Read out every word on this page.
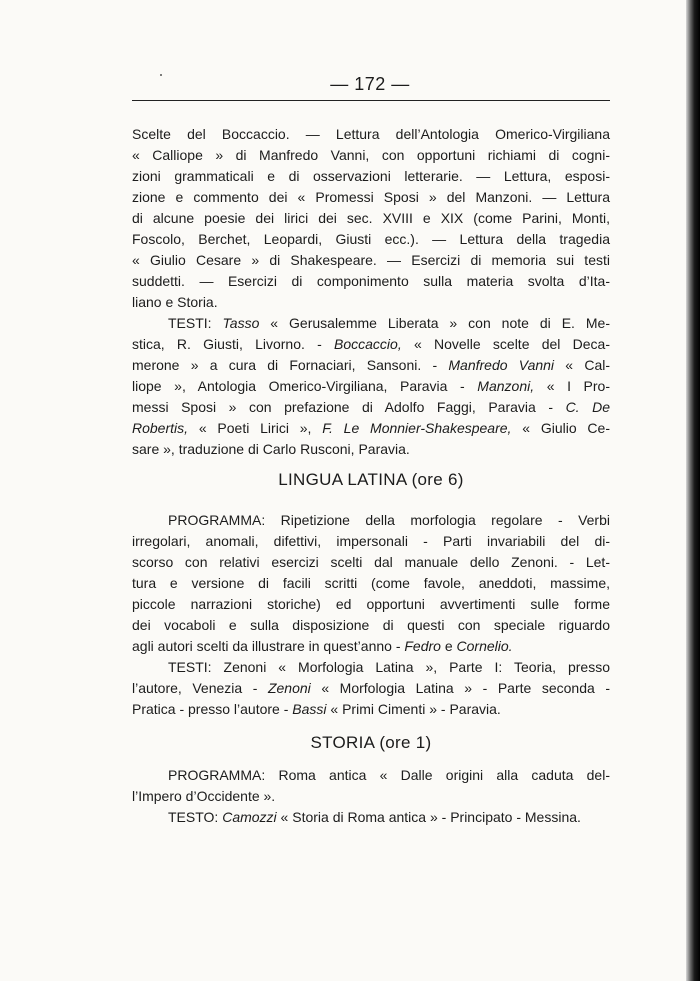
— 172 —
Scelte del Boccaccio. — Lettura dell’Antologia Omerico-Virgiliana
« Calliope » di Manfredo Vanni, con opportuni richiami di cogni-
zioni grammaticali e di osservazioni letterarie. — Lettura, esposi-
zione e commento dei « Promessi Sposi » del Manzoni. — Lettura
di alcune poesie dei lirici dei sec. XVIII e XIX (come Parini, Monti,
Foscolo, Berchet, Leopardi, Giusti ecc.). — Lettura della tragedia
« Giulio Cesare » di Shakespeare. — Esercizi di memoria sui testi
suddetti. — Esercizi di componimento sulla materia svolta d’Ita-
liano e Storia.
TESTI: Tasso « Gerusalemme Liberata » con note di E. Me-
stica, R. Giusti, Livorno. - Boccaccio, « Novelle scelte del Deca-
merone » a cura di Fornaciari, Sansoni. - Manfredo Vanni « Cal-
liope », Antologia Omerico-Virgiliana, Paravia - Manzoni, « I Pro-
messi Sposi » con prefazione di Adolfo Faggi, Paravia - C. De
Robertis, « Poeti Lirici », F. Le Monnier-Shakespeare, « Giulio Ce-
sare », traduzione di Carlo Rusconi, Paravia.
LINGUA LATINA (ore 6)
PROGRAMMA: Ripetizione della morfologia regolare - Verbi
irregolari, anomali, difettivi, impersonali - Parti invariabili del di-
scorso con relativi esercizi scelti dal manuale dello Zenoni. - Let-
tura e versione di facili scritti (come favole, aneddoti, massime,
piccole narrazioni storiche) ed opportuni avvertimenti sulle forme
dei vocaboli e sulla disposizione di questi con speciale riguardo
agli autori scelti da illustrare in quest’anno - Fedro e Cornelio.
TESTI: Zenoni « Morfologia Latina », Parte I: Teoria, presso
l’autore, Venezia - Zenoni « Morfologia Latina » - Parte seconda -
Pratica - presso l’autore - Bassi « Primi Cimenti » - Paravia.
STORIA (ore 1)
PROGRAMMA: Roma antica « Dalle origini alla caduta del-
l’Impero d’Occidente ».
TESTO: Camozzi « Storia di Roma antica » - Principato - Messina.
